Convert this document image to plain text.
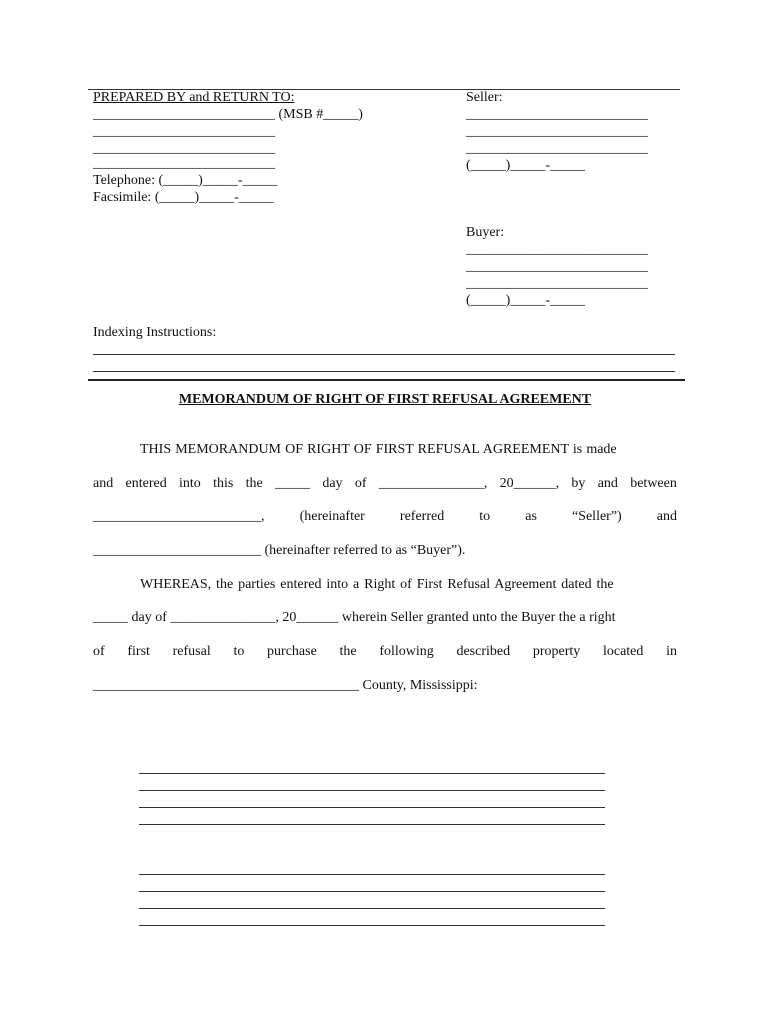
PREPARED BY and RETURN TO:
__________________________ (MSB #_____)
__________________________
__________________________
__________________________
Telephone: (_____)_____-_____
Facsimile: (_____)_____-_____
Seller:
__________________________
__________________________
__________________________
(_____)_____-_____
Buyer:
__________________________
__________________________
__________________________
(_____)_____-_____
Indexing Instructions:
MEMORANDUM OF RIGHT OF FIRST REFUSAL AGREEMENT
THIS MEMORANDUM OF RIGHT OF FIRST REFUSAL AGREEMENT is made
and entered into this the _____ day of _______________, 20______, by and between
________________________,	(hereinafter	referred	to	as	“Seller”)	and
________________________ (hereinafter referred to as “Buyer”).
WHEREAS, the parties entered into a Right of First Refusal Agreement dated the
_____ day of _______________, 20______ wherein Seller granted unto the Buyer the a right
of first refusal to purchase the following described property located in
______________________________________ County, Mississippi:
